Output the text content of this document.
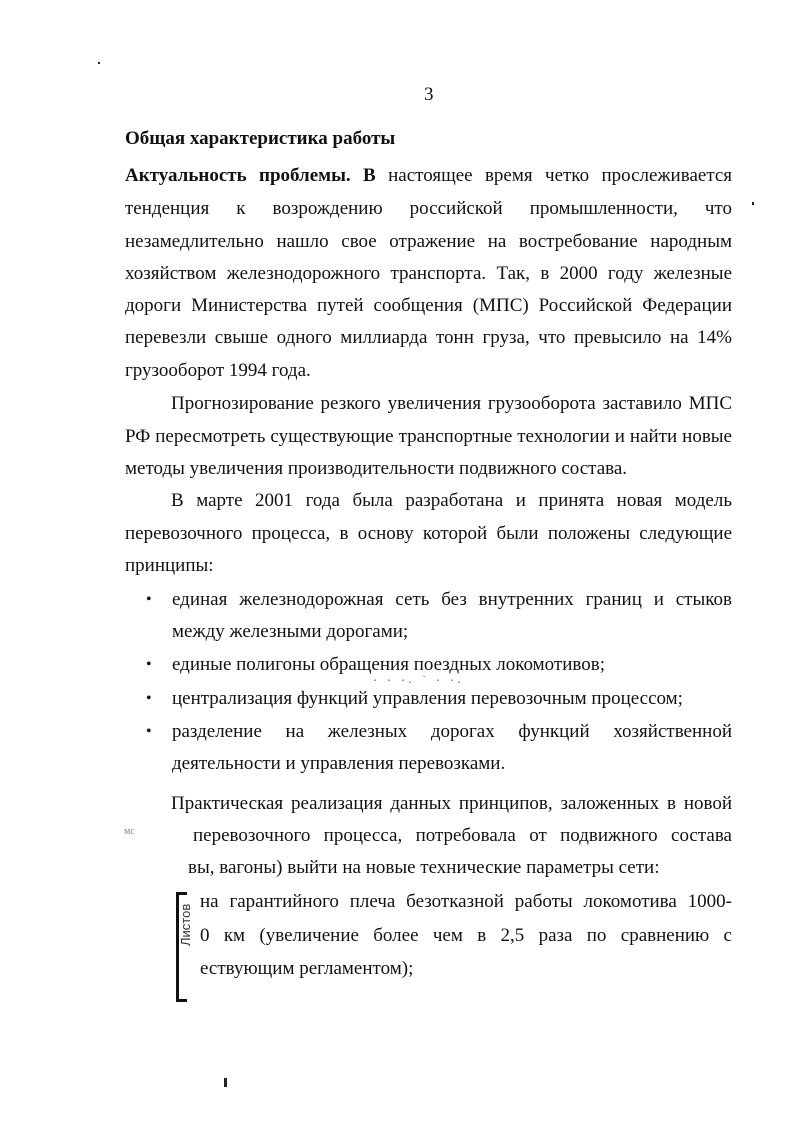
3
Общая характеристика работы
Актуальность проблемы. В настоящее время четко прослеживается
тенденция к возрождению российской промышленности, что
незамедлительно нашло свое отражение на востребование народным
хозяйством железнодорожного транспорта. Так, в 2000 году железные
дороги Министерства путей сообщения (МПС) Российской Федерации
перевезли свыше одного миллиарда тонн груза, что превысило на 14%
грузооборот 1994 года.
Прогнозирование резкого увеличения грузооборота заставило МПС
РФ пересмотреть существующие транспортные технологии и найти новые
методы увеличения производительности подвижного состава.
В марте 2001 года была разработана и принята новая модель
перевозочного процесса, в основу которой были положены следующие
принципы:
• единая железнодорожная сеть без внутренних границ и стыков
между железными дорогами;
• единые полигоны обращения поездных локомотивов;
• централизация функций управления перевозочным процессом;
• разделение на железных дорогах функций хозяйственной
деятельности и управления перевозками.
· · ·. ` · ·.
Практическая реализация данных принципов, заложенных в новой
мс	перевозочного процесса, потребовала от подвижного состава
вы, вагоны) выйти на новые технические параметры сети:
Листов
на гарантийного плеча безотказной работы локомотива 1000-
0 км (увеличение более чем в 2,5 раза по сравнению с
ествующим регламентом);
